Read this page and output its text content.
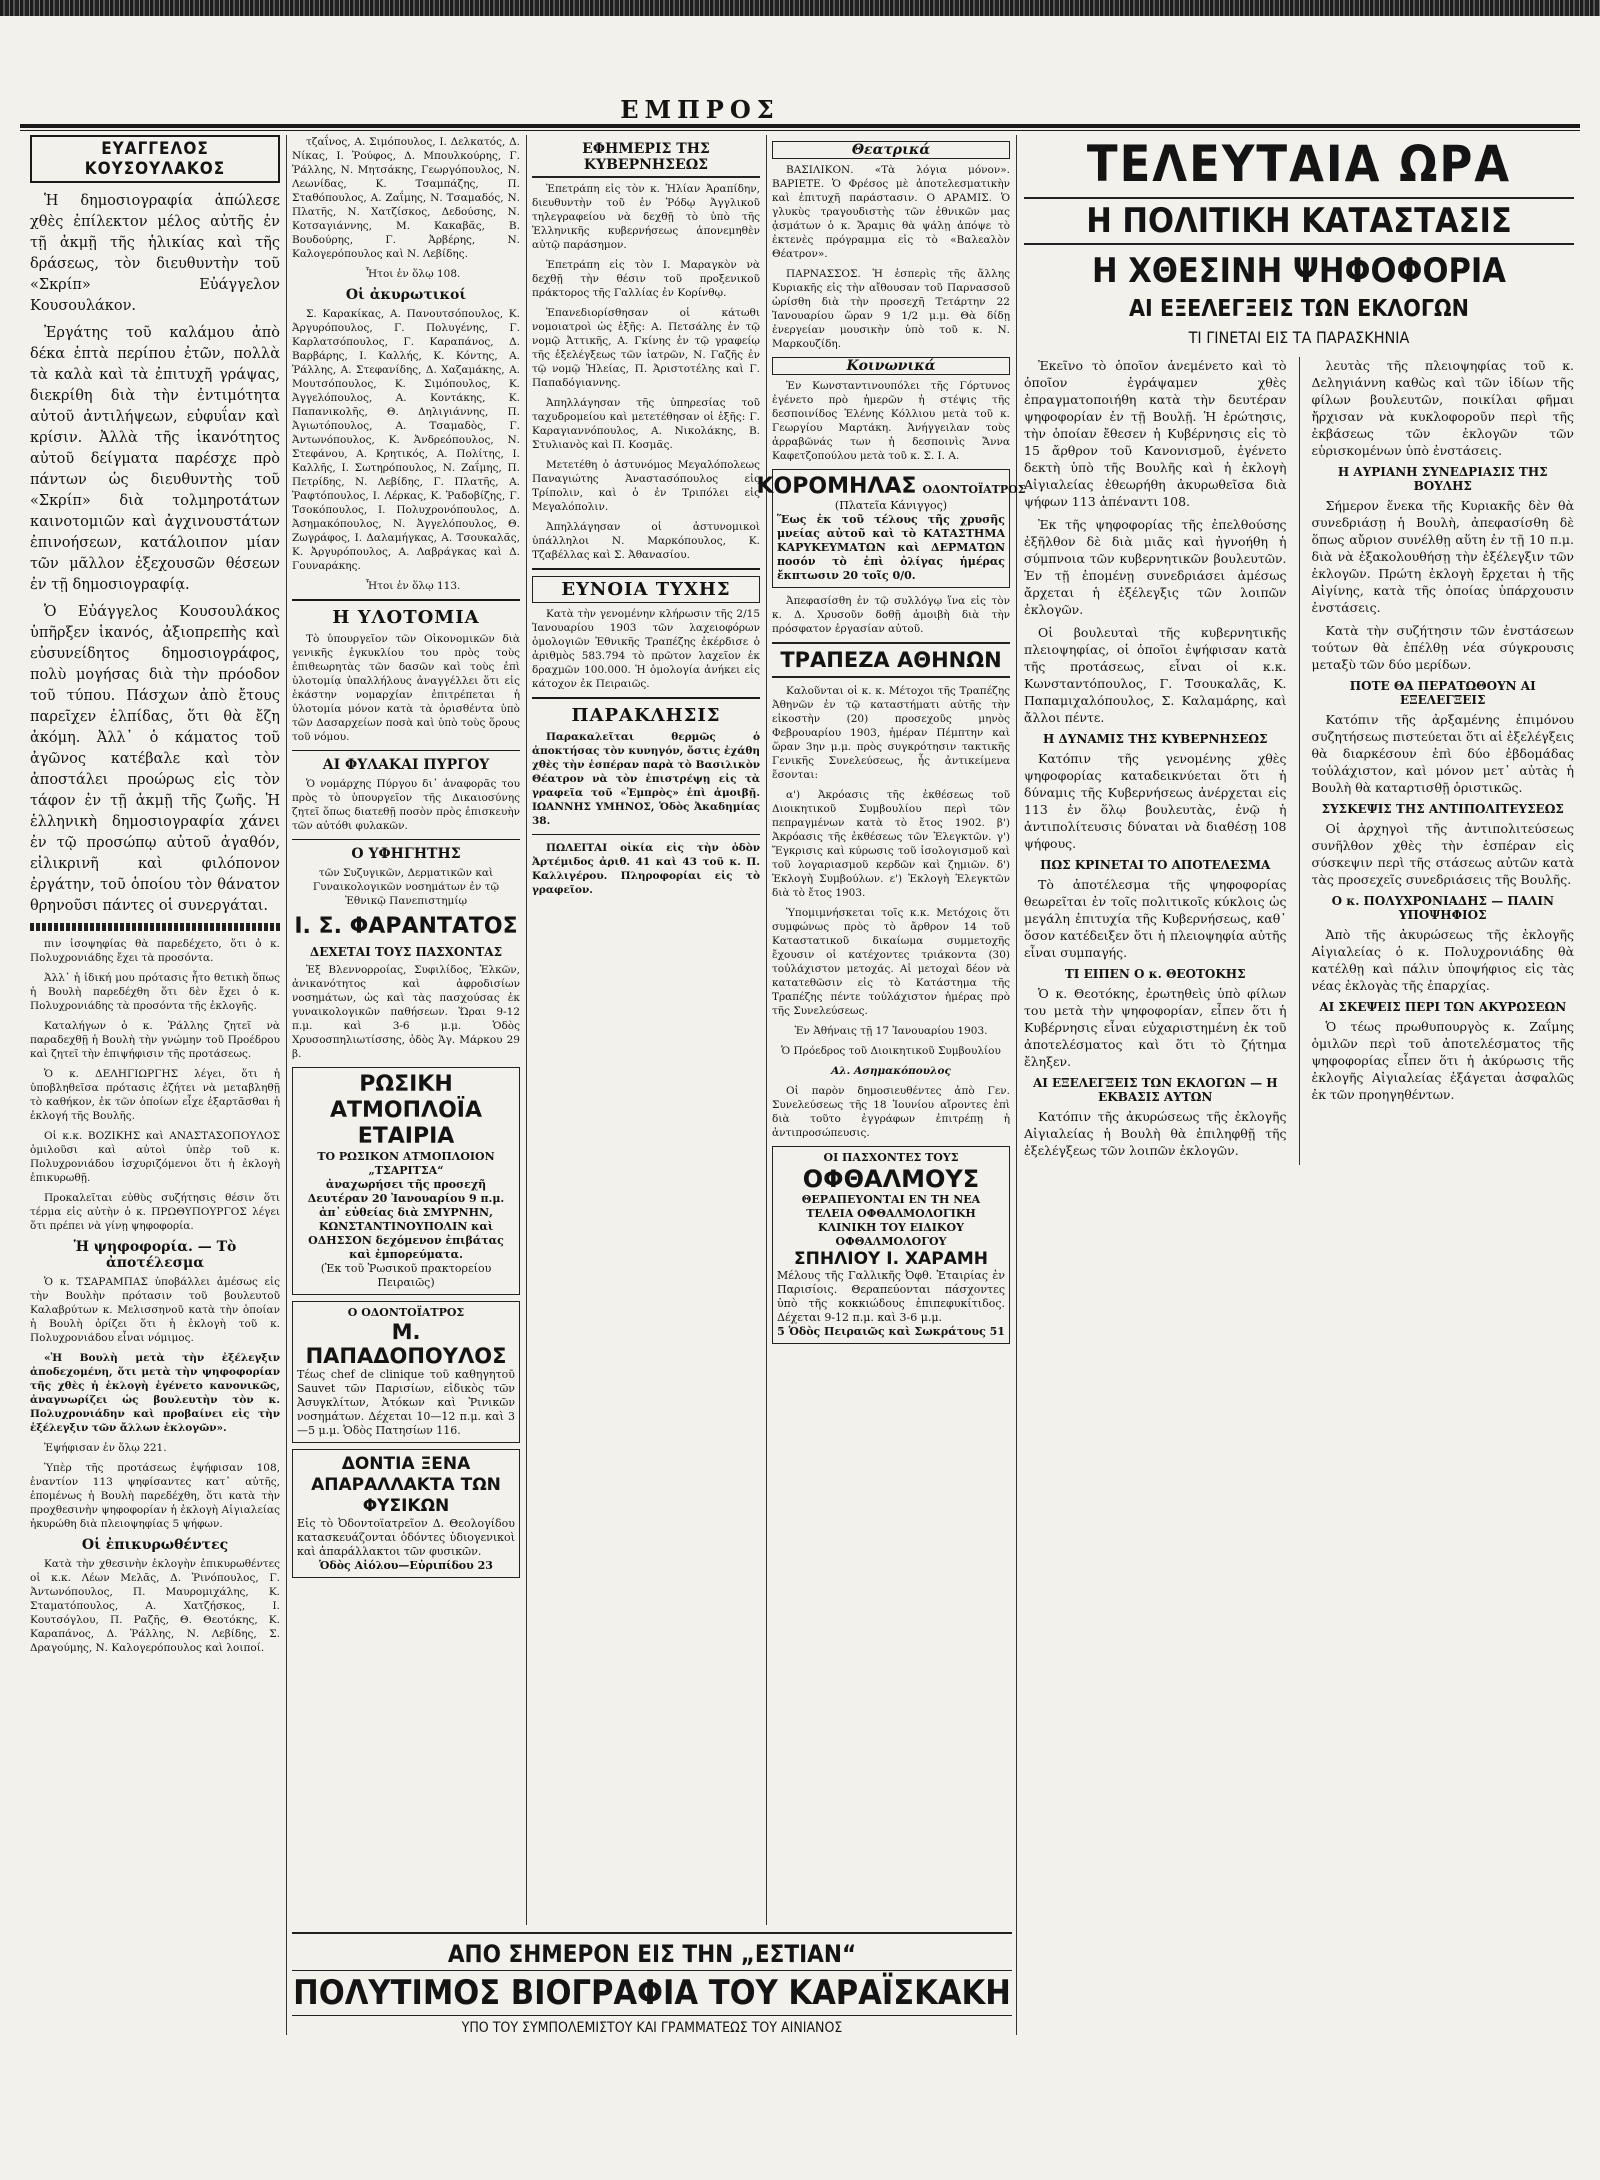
ΕΜΠΡΟΣ
ΕΥΑΓΓΕΛΟΣ ΚΟΥΣΟΥΛΑΚΟΣ

Ἡ δημοσιογραφία ἀπώλεσε χθὲς ἐπίλεκτον μέλος αὐτῆς ἐν τῇ ἀκμῇ τῆς ἡλικίας καὶ τῆς δράσεως, τὸν διευθυντὴν τοῦ «Σκρίπ» Εὐάγγελον Κουσουλάκον.

Ἐργάτης τοῦ καλάμου ἀπὸ δέκα ἑπτὰ περίπου ἐτῶν, πολλὰ τὰ καλὰ καὶ τὰ ἐπιτυχῆ γράψας, διεκρίθη διὰ τὴν ἐντιμότητα αὐτοῦ ἀντιλήψεων, εὐφυΐαν καὶ κρίσιν. Ἀλλὰ τῆς ἱκανότητος αὐτοῦ δείγματα παρέσχε πρὸ πάντων ὡς διευθυντὴς τοῦ «Σκρίπ» διὰ τολμηροτάτων καινοτομιῶν καὶ ἀγχινουστάτων ἐπινοήσεων, κατάλοιπον μίαν τῶν μᾶλλον ἐξεχουσῶν θέσεων ἐν τῇ δημοσιογραφίᾳ.

Ὁ Εὐάγγελος Κουσουλάκος ὑπῆρξεν ἱκανός, ἀξιοπρεπὴς καὶ εὐσυνείδητος δημοσιογράφος, πολὺ μογήσας διὰ τὴν πρόοδον τοῦ τύπου. Πάσχων ἀπὸ ἔτους παρεῖχεν ἐλπίδας, ὅτι θὰ ἔζη ἀκόμη. Ἀλλ᾽ ὁ κάματος τοῦ ἀγῶνος κατέβαλε καὶ τὸν ἀποστάλει προώρως εἰς τὸν τάφον ἐν τῇ ἀκμῇ τῆς ζωῆς. Ἡ ἑλληνικὴ δημοσιογραφία χάνει ἐν τῷ προσώπῳ αὐτοῦ ἀγαθόν, εἰλικρινῆ καὶ φιλόπονον ἐργάτην, τοῦ ὁποίου τὸν θάνατον θρηνοῦσι πάντες οἱ συνεργάται.

πιν ἰσοψηφίας θὰ παρεδέχετο, ὅτι ὁ κ. Πολυχρονιάδης ἔχει τὰ προσόντα.

Ἀλλ᾽ ἡ ἰδική μου πρότασις ἦτο θετικὴ ὅπως ἡ Βουλὴ παρεδέχθη ὅτι δὲν ἔχει ὁ κ. Πολυχρονιάδης τὰ προσόντα τῆς ἐκλογῆς.

Καταλήγων ὁ κ. Ῥάλλης ζητεῖ νὰ παραδεχθῇ ἡ Βουλὴ τὴν γνώμην τοῦ Προέδρου καὶ ζητεῖ τὴν ἐπιψήφισιν τῆς προτάσεως.

Ὁ κ. ΔΕΛΗΓΙΩΡΓΗΣ λέγει, ὅτι ἡ ὑποβληθεῖσα πρότασις ἐζήτει νὰ μεταβληθῇ τὸ καθήκον, ἐκ τῶν ὁποίων εἶχε ἐξαρτᾶσθαι ἡ ἐκλογή τῆς Βουλῆς.

Οἱ κ.κ. ΒΟΖΙΚΗΣ καὶ ΑΝΑΣΤΑΣΟΠΟΥΛΟΣ ὁμιλοῦσι καὶ αὐτοὶ ὑπὲρ τοῦ κ. Πολυχρονιάδου ἰσχυριζόμενοι ὅτι ἡ ἐκλογὴ ἐπικυρωθῇ.

Προκαλεῖται εὐθὺς συζήτησις θέσιν ὅτι τέρμα εἰς αὐτὴν ὁ κ. ΠΡΩΘΥΠΟΥΡΓΟΣ λέγει ὅτι πρέπει νὰ γίνῃ ψηφοφορία.

Ἡ ψηφοφορία. — Τὸ ἀποτέλεσμα

Ὁ κ. ΤΣΑΡΑΜΠΑΣ ὑποβάλλει ἀμέσως εἰς τὴν Βουλὴν πρότασιν τοῦ βουλευτοῦ Καλαβρύτων κ. Μελισσηνοῦ κατὰ τὴν ὁποίαν ἡ Βουλὴ ὁρίζει ὅτι ἡ ἐκλογὴ τοῦ κ. Πολυχρονιάδου εἶναι νόμιμος.

«Ἡ Βουλὴ μετὰ τὴν ἐξέλεγξιν ἀποδεχομένη, ὅτι μετὰ τὴν ψηφοφορίαν τῆς χθὲς ἡ ἐκλογὴ ἐγένετο κανονικῶς, ἀναγνωρίζει ὡς βουλευτὴν τὸν κ. Πολυχρονιάδην καὶ προβαίνει εἰς τὴν ἐξέλεγξιν τῶν ἄλλων ἐκλογῶν».

Ἐψήφισαν ἐν ὅλῳ 221.

Ὑπὲρ τῆς προτάσεως ἐψήφισαν 108, ἐναντίον 113 ψηφίσαντες κατ᾽ αὐτῆς, ἐπομένως ἡ Βουλὴ παρεδέχθη, ὅτι κατὰ τὴν προχθεσινὴν ψηφοφορίαν ἡ ἐκλογὴ Αἰγιαλείας ἠκυρώθη διὰ πλειοψηφίας 5 ψήφων.

Οἱ ἐπικυρωθέντες

Κατὰ τὴν χθεσινὴν ἐκλογὴν ἐπικυρωθέντες οἱ κ.κ. Λέων Μελᾶς, Δ. Ῥινόπουλος, Γ. Ἀντωνόπουλος, Π. Μαυρομιχάλης, Κ. Σταματόπουλος, Α. Χατζήσκος, Ι. Κουτσόγλου, Π. Ραζῆς, Θ. Θεοτόκης, Κ. Καραπάνος, Δ. Ῥάλλης, Ν. Λεβίδης, Σ. Δραγούμης, Ν. Καλογερόπουλος καὶ λοιποί.

τζαΐνος, Α. Σιμόπουλος, Ι. Δελκατός, Δ. Νίκας, Ι. Ῥούφος, Δ. Μπουλκούρης, Γ. Ῥάλλης, Ν. Μητσάκης, Γεωργόπουλος, Ν. Λεωνίδας, Κ. Τσαμπάζης, Π. Σταθόπουλος, Α. Ζαΐμης, Ν. Τσαμαδός, Ν. Πλατῆς, Ν. Χατζίσκος, Δεδούσης, Ν. Κοτσαγιάννης, Μ. Κακαβᾶς, Β. Βουδούρης, Γ. Ἀρβέρης, Ν. Καλογερόπουλος καὶ Ν. Λεβίδης.

Ἦτοι ἐν ὅλῳ 108.

Οἱ ἀκυρωτικοί

Σ. Καρακίκας, Α. Πανουτσόπουλος, Κ. Ἀργυρόπουλος, Γ. Πολυγένης, Γ. Καρλατσόπουλος, Γ. Καραπάνος, Δ. Βαρβάρης, Ι. Καλλής, Κ. Κόντης, Α. Ῥάλλης, Α. Στεφανίδης, Δ. Χαζαμάκης, Α. Μουτσόπουλος, Κ. Σιμόπουλος, Κ. Ἀγγελόπουλος, Α. Κοντάκης, Κ. Παπανικολῆς, Θ. Δηλιγιάννης, Π. Ἀγιωτόπουλος, Α. Τσαμαδὸς, Γ. Ἀντωνόπουλος, Κ. Ἀνδρεόπουλος, Ν. Στεφάνου, Α. Κρητικός, Α. Πολίτης, Ι. Καλλῆς, Ι. Σωτηρόπουλος, Ν. Ζαΐμης, Π. Πετρίδης, Ν. Λεβίδης, Γ. Πλατῆς, Α. Ῥαφτόπουλος, Ι. Λέρκας, Κ. Ῥαδοβίζης, Γ. Τσοκόπουλος, Ι. Πολυχρονόπουλος, Δ. Ἀσημακόπουλος, Ν. Ἀγγελόπουλος, Θ. Ζωγράφος, Ι. Δαλαμήγκας, Α. Τσουκαλᾶς, Κ. Ἀργυρόπουλος, Α. Λαβράγκας καὶ Δ. Γουναράκης.

Ἦτοι ἐν ὅλῳ 113.

Η ΥΛΟΤΟΜΙΑ

Τὸ ὑπουργεῖον τῶν Οἰκονομικῶν διὰ γενικῆς ἐγκυκλίου του πρὸς τοὺς ἐπιθεωρητὰς τῶν δασῶν καὶ τοὺς ἐπὶ ὑλοτομίᾳ ὑπαλλήλους ἀναγγέλλει ὅτι εἰς ἑκάστην νομαρχίαν ἐπιτρέπεται ἡ ὑλοτομία μόνον κατὰ τὰ ὁρισθέντα ὑπὸ τῶν Δασαρχείων ποσὰ καὶ ὑπὸ τοὺς ὅρους τοῦ νόμου.

ΑΙ ΦΥΛΑΚΑΙ ΠΥΡΓΟΥ

Ὁ νομάρχης Πύργου δι᾽ ἀναφορᾶς του πρὸς τὸ ὑπουργεῖον τῆς Δικαιοσύνης ζητεῖ ὅπως διατεθῇ ποσὸν πρὸς ἐπισκευὴν τῶν αὐτόθι φυλακῶν.

Ο ΥΦΗΓΗΤΗΣ

τῶν Συζυγικῶν, Δερματικῶν καὶ Γυναικολογικῶν νοσημάτων ἐν τῷ Ἐθνικῷ Πανεπιστημίῳ

Ι. Σ. ΦΑΡΑΝΤΑΤΟΣ
ΔΕΧΕΤΑΙ ΤΟΥΣ ΠΑΣΧΟΝΤΑΣ

Ἐξ Βλεννορροίας, Συφιλίδος, Ἑλκῶν, ἀνικανότητος καὶ ἀφροδισίων νοσημάτων, ὡς καὶ τὰς πασχούσας ἐκ γυναικολογικῶν παθήσεων. Ὥραι 9-12 π.μ. καὶ 3-6 μ.μ. Ὁδὸς Χρυσοσπηλιωτίσσης, ὁδὸς Ἁγ. Μάρκου 29 β.

ΡΩΣΙΚΗ ΑΤΜΟΠΛΟΪΑ ΕΤΑΙΡΙΑ
ΤΟ ΡΩΣΙΚΟΝ ΑΤΜΟΠΛΟΙΟΝ „ΤΣΑΡΙΤΣΑ“
ἀναχωρήσει τῆς προσεχῆ Δευτέραν 20 Ἰανουαρίου 9 π.μ. ἀπ᾽ εὐθείας διὰ ΣΜΥΡΝΗΝ, ΚΩΝΣΤΑΝΤΙΝΟΥΠΟΛΙΝ καὶ ΟΔΗΣΣΟΝ δεχόμενον ἐπιβάτας καὶ ἐμπορεύματα.
(Ἐκ τοῦ Ῥωσικοῦ πρακτορείου Πειραιῶς)
Ο ΟΔΟΝΤΟΪΑΤΡΟΣ
Μ. ΠΑΠΑΔΟΠΟΥΛΟΣ
Τέως chef de clinique τοῦ καθηγητοῦ Sauvet τῶν Παρισίων, εἰδικὸς τῶν Ἀσυγκλίτων, Ἀτόκων καὶ Ῥινικῶν νοσημάτων. Δέχεται 10—12 π.μ. καὶ 3—5 μ.μ. Ὁδὸς Πατησίων 116.
ΔΟΝΤΙΑ ΞΕΝΑ ΑΠΑΡΑΛΛΑΚΤΑ ΤΩΝ ΦΥΣΙΚΩΝ
Εἰς τὸ Ὀδοντοϊατρεῖον Δ. Θεολογίδου κατασκευάζονται ὁδόντες ὑδιογενικοὶ καὶ ἀπαράλλακτοι τῶν φυσικῶν.
Ὁδὸς Αἰόλου—Εὐριπίδου 23
ΕΦΗΜΕΡΙΣ ΤΗΣ ΚΥΒΕΡΝΗΣΕΩΣ

Ἐπετράπη εἰς τὸν κ. Ἠλίαν Ἀραπίδην, διευθυντὴν τοῦ ἐν Ῥόδῳ Ἀγγλικοῦ τηλεγραφείου νὰ δεχθῇ τὸ ὑπὸ τῆς Ἑλληνικῆς κυβερνήσεως ἀπονεμηθὲν αὐτῷ παράσημον.

Ἐπετράπη εἰς τὸν Ι. Μαραγκὸν νὰ δεχθῇ τὴν θέσιν τοῦ προξενικοῦ πράκτορος τῆς Γαλλίας ἐν Κορίνθῳ.

Ἐπανεδιορίσθησαν οἱ κάτωθι νομοιατροὶ ὡς ἑξῆς: Α. Πετσάλης ἐν τῷ νομῷ Ἀττικῆς, Α. Γκίνης ἐν τῷ γραφείῳ τῆς ἐξελέγξεως τῶν ἰατρῶν, Ν. Γαζῆς ἐν τῷ νομῷ Ἠλείας, Π. Ἀριστοτέλης καὶ Γ. Παπαδόγιαννης.

Ἀπηλλάγησαν τῆς ὑπηρεσίας τοῦ ταχυδρομείου καὶ μετετέθησαν οἱ ἑξῆς: Γ. Καραγιαννόπουλος, Α. Νικολάκης, Β. Στυλιανὸς καὶ Π. Κοσμᾶς.

Μετετέθη ὁ ἀστυνόμος Μεγαλόπολεως Παναγιώτης Ἀναστασόπουλος εἰς Τρίπολιν, καὶ ὁ ἐν Τριπόλει εἰς Μεγαλόπολιν.

Ἀπηλλάγησαν οἱ ἀστυνομικοὶ ὑπάλληλοι Ν. Μαρκόπουλος, Κ. Τζαβέλλας καὶ Σ. Ἀθανασίου.

ΕΥΝΟΙΑ ΤΥΧΗΣ

Κατὰ τὴν γενομένην κλήρωσιν τῆς 2/15 Ἰανουαρίου 1903 τῶν λαχειοφόρων ὁμολογιῶν Ἐθνικῆς Τραπέζης ἐκέρδισε ὁ ἀριθμὸς 583.794 τὸ πρῶτον λαχεῖον ἐκ δραχμῶν 100.000. Ἡ ὁμολογία ἀνήκει εἰς κάτοχον ἐκ Πειραιῶς.

ΠΑΡΑΚΛΗΣΙΣ

Παρακαλεῖται θερμῶς ὁ ἀποκτήσας τὸν κυνηγόν, ὅστις ἐχάθη χθὲς τὴν ἑσπέραν παρὰ τὸ Βασιλικὸν Θέατρον νὰ τὸν ἐπιστρέψῃ εἰς τὰ γραφεῖα τοῦ «Ἐμπρὸς» ἐπὶ ἀμοιβῇ. ΙΩΑΝΝΗΣ ΥΜΗΝΟΣ, Ὁδὸς Ἀκαδημίας 38.

ΠΩΛΕΙΤΑΙ οἰκία εἰς τὴν ὁδὸν Ἀρτέμιδος ἀριθ. 41 καὶ 43 τοῦ κ. Π. Καλλιγέρου. Πληροφορίαι εἰς τὸ γραφεῖον.

Θεατρικά

ΒΑΣΙΛΙΚΟΝ. «Τὰ λόγια μόνον». ΒΑΡΙΕΤΕ. Ὁ Φρέσος μὲ ἀποτελεσματικὴν καὶ ἐπιτυχῆ παράστασιν. Ο ΑΡΑΜΙΣ. Ὁ γλυκὺς τραγουδιστὴς τῶν ἐθνικῶν μας ᾀσμάτων ὁ κ. Ἄραμις θὰ ψάλῃ ἀπόψε τὸ ἐκτενὲς πρόγραμμα εἰς τὸ «Βαλεαλὸν Θέατρον».

ΠΑΡΝΑΣΣΟΣ. Ἡ ἑσπερὶς τῆς ἄλλης Κυριακῆς εἰς τὴν αἴθουσαν τοῦ Παρνασσοῦ ὡρίσθη διὰ τὴν προσεχῆ Τετάρτην 22 Ἰανουαρίου ὥραν 9 1/2 μ.μ. Θὰ δίδῃ ἐνεργείαν μουσικὴν ὑπὸ τοῦ κ. Ν. Μαρκουζίδη.

Κοινωνικά

Ἐν Κωνσταντινουπόλει τῆς Γόρτυνος ἐγένετο πρὸ ἡμερῶν ἡ στέψις τῆς δεσποινίδος Ἑλένης Κόλλιου μετὰ τοῦ κ. Γεωργίου Μαρτάκη. Ἀνήγγειλαν τοὺς ἀρραβῶνάς των ἡ δεσποινὶς Ἄννα Καφετζοπούλου μετὰ τοῦ κ. Σ. Ι. Α.

ΚΟΡΟΜΗΛΑΣ ΟΔΟΝΤΟΪΑΤΡΟΣ
(Πλατεῖα Κάνιγγος)
Ἕως ἐκ τοῦ τέλους τῆς χρυσῆς μνείας αὐτοῦ καὶ τὸ ΚΑΤΑΣΤΗΜΑ ΚΑΡΥΚΕΥΜΑΤΩΝ καὶ ΔΕΡΜΑΤΩΝ ποσόν τὸ ἐπὶ ὀλίγας ἡμέρας ἔκπτωσιν 20 τοῖς 0/0.

Ἀπεφασίσθη ἐν τῷ συλλόγῳ ἵνα εἰς τὸν κ. Δ. Χρυσοῦν δοθῇ ἀμοιβὴ διὰ τὴν πρόσφατον ἐργασίαν αὐτοῦ.

ΤΡΑΠΕΖΑ ΑΘΗΝΩΝ

Καλοῦνται οἱ κ. κ. Μέτοχοι τῆς Τραπέζης Ἀθηνῶν ἐν τῷ καταστήματι αὐτῆς τὴν εἰκοστὴν (20) προσεχοῦς μηνὸς Φεβρουαρίου 1903, ἡμέραν Πέμπτην καὶ ὥραν 3ην μ.μ. πρὸς συγκρότησιν τακτικῆς Γενικῆς Συνελεύσεως, ἧς ἀντικείμενα ἔσονται:

α') Ἀκρόασις τῆς ἐκθέσεως τοῦ Διοικητικοῦ Συμβουλίου περὶ τῶν πεπραγμένων κατὰ τὸ ἔτος 1902. β') Ἀκρόασις τῆς ἐκθέσεως τῶν Ἐλεγκτῶν. γ') Ἔγκρισις καὶ κύρωσις τοῦ ἰσολογισμοῦ καὶ τοῦ λογαριασμοῦ κερδῶν καὶ ζημιῶν. δ') Ἐκλογὴ Συμβούλων. ε') Ἐκλογὴ Ἐλεγκτῶν διὰ τὸ ἔτος 1903.

Ὑπομιμνήσκεται τοῖς κ.κ. Μετόχοις ὅτι συμφώνως πρὸς τὸ ἄρθρον 14 τοῦ Καταστατικοῦ δικαίωμα συμμετοχῆς ἔχουσιν οἱ κατέχοντες τριάκοντα (30) τοὐλάχιστον μετοχάς. Αἱ μετοχαὶ δέον νὰ κατατεθῶσιν εἰς τὸ Κατάστημα τῆς Τραπέζης πέντε τοὐλάχιστον ἡμέρας πρὸ τῆς Συνελεύσεως.

Ἐν Ἀθήναις τῇ 17 Ἰανουαρίου 1903.

Ὁ Πρόεδρος τοῦ Διοικητικοῦ Συμβουλίου

Αλ. Ασημακόπουλος

Οἱ παρὸν δημοσιευθέντες ἀπὸ Γεν. Συνελεύσεως τῆς 18 Ἰουνίου αἴροντες ἐπὶ διὰ τοῦτο ἐγγράφων ἐπιτρέπῃ ἡ ἀντιπροσώπευσις.

ΟΙ ΠΑΣΧΟΝΤΕΣ ΤΟΥΣ
ΟΦΘΑΛΜΟΥΣ
ΘΕΡΑΠΕΥΟΝΤΑΙ ΕΝ ΤΗ ΝΕΑ ΤΕΛΕΙΑ ΟΦΘΑΛΜΟΛΟΓΙΚΗ ΚΛΙΝΙΚΗ ΤΟΥ ΕΙΔΙΚΟΥ ΟΦΘΑΛΜΟΛΟΓΟΥ
ΣΠΗΛΙΟΥ Ι. ΧΑΡΑΜΗ
Μέλους τῆς Γαλλικῆς Ὀφθ. Ἑταιρίας ἐν Παρισίοις. Θεραπεύονται πάσχοντες ὑπὸ τῆς κοκκιώδους ἐπιπεφυκίτιδος. Δέχεται 9-12 π.μ. καὶ 3-6 μ.μ.
5 Ὁδὸς Πειραιῶς καὶ Σωκράτους 51
ΤΕΛΕΥΤΑΙΑ ΩΡΑ
Η ΠΟΛΙΤΙΚΗ ΚΑΤΑΣΤΑΣΙΣ
Η ΧΘΕΣΙΝΗ ΨΗΦΟΦΟΡΙΑ
ΑΙ ΕΞΕΛΕΓΞΕΙΣ ΤΩΝ ΕΚΛΟΓΩΝ
ΤΙ ΓΙΝΕΤΑΙ ΕΙΣ ΤΑ ΠΑΡΑΣΚΗΝΙΑ

Ἐκεῖνο τὸ ὁποῖον ἀνεμένετο καὶ τὸ ὁποῖον ἐγράψαμεν χθὲς ἐπραγματοποιήθη κατὰ τὴν δευτέραν ψηφοφορίαν ἐν τῇ Βουλῇ. Ἡ ἐρώτησις, τὴν ὁποίαν ἔθεσεν ἡ Κυβέρνησις εἰς τὸ 15 ἄρθρον τοῦ Κανονισμοῦ, ἐγένετο δεκτὴ ὑπὸ τῆς Βουλῆς καὶ ἡ ἐκλογὴ Αἰγιαλείας ἐθεωρήθη ἀκυρωθεῖσα διὰ ψήφων 113 ἀπέναντι 108.

Ἐκ τῆς ψηφοφορίας τῆς ἐπελθούσης ἐξῆλθον δὲ διὰ μιᾶς καὶ ἠγνοήθη ἡ σύμπνοια τῶν κυβερνητικῶν βουλευτῶν. Ἐν τῇ ἑπομένῃ συνεδριάσει ἀμέσως ἄρχεται ἡ ἐξέλεγξις τῶν λοιπῶν ἐκλογῶν.

Οἱ βουλευταὶ τῆς κυβερνητικῆς πλειοψηφίας, οἱ ὁποῖοι ἐψήφισαν κατὰ τῆς προτάσεως, εἶναι οἱ κ.κ. Κωνσταντόπουλος, Γ. Τσουκαλᾶς, Κ. Παπαμιχαλόπουλος, Σ. Καλαμάρης, καὶ ἄλλοι πέντε.

Η ΔΥΝΑΜΙΣ ΤΗΣ ΚΥΒΕΡΝΗΣΕΩΣ

Κατόπιν τῆς γενομένης χθὲς ψηφοφορίας καταδεικνύεται ὅτι ἡ δύναμις τῆς Κυβερνήσεως ἀνέρχεται εἰς 113 ἐν ὅλῳ βουλευτὰς, ἐνῷ ἡ ἀντιπολίτευσις δύναται νὰ διαθέσῃ 108 ψήφους.

ΠΩΣ ΚΡΙΝΕΤΑΙ ΤΟ ΑΠΟΤΕΛΕΣΜΑ

Τὸ ἀποτέλεσμα τῆς ψηφοφορίας θεωρεῖται ἐν τοῖς πολιτικοῖς κύκλοις ὡς μεγάλη ἐπιτυχία τῆς Κυβερνήσεως, καθ᾽ ὅσον κατέδειξεν ὅτι ἡ πλειοψηφία αὐτῆς εἶναι συμπαγής.

ΤΙ ΕΙΠΕΝ Ο κ. ΘΕΟΤΟΚΗΣ

Ὁ κ. Θεοτόκης, ἐρωτηθεὶς ὑπὸ φίλων του μετὰ τὴν ψηφοφορίαν, εἶπεν ὅτι ἡ Κυβέρνησις εἶναι εὐχαριστημένη ἐκ τοῦ ἀποτελέσματος καὶ ὅτι τὸ ζήτημα ἔληξεν.

ΑΙ ΕΞΕΛΕΓΞΕΙΣ ΤΩΝ ΕΚΛΟΓΩΝ — Η ΕΚΒΑΣΙΣ ΑΥΤΩΝ

Κατόπιν τῆς ἀκυρώσεως τῆς ἐκλογῆς Αἰγιαλείας ἡ Βουλὴ θὰ ἐπιληφθῇ τῆς ἐξελέγξεως τῶν λοιπῶν ἐκλογῶν.

λευτὰς τῆς πλειοψηφίας τοῦ κ. Δεληγιάννη καθὼς καὶ τῶν ἰδίων τῆς φίλων βουλευτῶν, ποικίλαι φῆμαι ἤρχισαν νὰ κυκλοφοροῦν περὶ τῆς ἐκβάσεως τῶν ἐκλογῶν τῶν εὑρισκομένων ὑπὸ ἐνστάσεις.

Η ΑΥΡΙΑΝΗ ΣΥΝΕΔΡΙΑΣΙΣ ΤΗΣ ΒΟΥΛΗΣ

Σήμερον ἕνεκα τῆς Κυριακῆς δὲν θὰ συνεδριάσῃ ἡ Βουλὴ, ἀπεφασίσθη δὲ ὅπως αὔριον συνέλθῃ αὕτη ἐν τῇ 10 π.μ. διὰ νὰ ἐξακολουθήσῃ τὴν ἐξέλεγξιν τῶν ἐκλογῶν. Πρώτη ἐκλογὴ ἔρχεται ἡ τῆς Αἰγίνης, κατὰ τῆς ὁποίας ὑπάρχουσιν ἐνστάσεις.

Κατὰ τὴν συζήτησιν τῶν ἐνστάσεων τούτων θὰ ἐπέλθῃ νέα σύγκρουσις μεταξὺ τῶν δύο μερίδων.

ΠΟΤΕ ΘΑ ΠΕΡΑΤΩΘΟΥΝ ΑΙ ΕΞΕΛΕΓΞΕΙΣ

Κατόπιν τῆς ἀρξαμένης ἐπιμόνου συζητήσεως πιστεύεται ὅτι αἱ ἐξελέγξεις θὰ διαρκέσουν ἐπὶ δύο ἐβδομάδας τοὐλάχιστον, καὶ μόνον μετ᾽ αὐτὰς ἡ Βουλὴ θὰ καταρτισθῇ ὁριστικῶς.

ΣΥΣΚΕΨΙΣ ΤΗΣ ΑΝΤΙΠΟΛΙΤΕΥΣΕΩΣ

Οἱ ἀρχηγοὶ τῆς ἀντιπολιτεύσεως συνῆλθον χθὲς τὴν ἑσπέραν εἰς σύσκεψιν περὶ τῆς στάσεως αὐτῶν κατὰ τὰς προσεχεῖς συνεδριάσεις τῆς Βουλῆς.

Ο κ. ΠΟΛΥΧΡΟΝΙΑΔΗΣ — ΠΑΛΙΝ ΥΠΟΨΗΦΙΟΣ

Ἀπὸ τῆς ἀκυρώσεως τῆς ἐκλογῆς Αἰγιαλείας ὁ κ. Πολυχρονιάδης θὰ κατέλθῃ καὶ πάλιν ὑποψήφιος εἰς τὰς νέας ἐκλογὰς τῆς ἐπαρχίας.

ΑΙ ΣΚΕΨΕΙΣ ΠΕΡΙ ΤΩΝ ΑΚΥΡΩΣΕΩΝ

Ὁ τέως πρωθυπουργὸς κ. Ζαΐμης ὁμιλῶν περὶ τοῦ ἀποτελέσματος τῆς ψηφοφορίας εἶπεν ὅτι ἡ ἀκύρωσις τῆς ἐκλογῆς Αἰγιαλείας ἐξάγεται ἀσφαλῶς ἐκ τῶν προηγηθέντων.

ΑΠΟ ΣΗΜΕΡΟΝ ΕΙΣ ΤΗΝ „ΕΣΤΙΑΝ“
ΠΟΛΥΤΙΜΟΣ ΒΙΟΓΡΑΦΙΑ ΤΟΥ ΚΑΡΑΪΣΚΑΚΗ
ΥΠΟ ΤΟΥ ΣΥΜΠΟΛΕΜΙΣΤΟΥ ΚΑΙ ΓΡΑΜΜΑΤΕΩΣ ΤΟΥ ΑΙΝΙΑΝΟΣ
